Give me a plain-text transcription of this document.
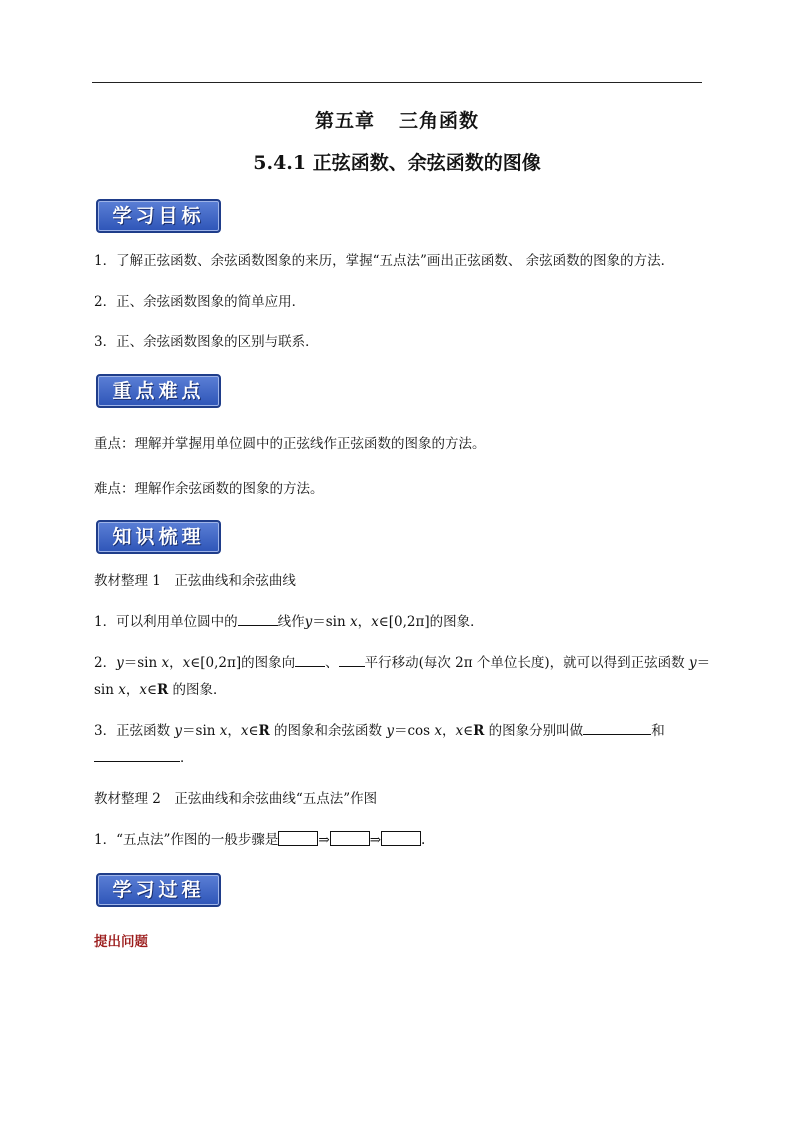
第五章 三角函数
5.4.1 正弦函数、余弦函数的图像
学习目标
1．了解正弦函数、余弦函数图象的来历，掌握“五点法”画出正弦函数、 余弦函数的图象的方法．
2．正、余弦函数图象的简单应用．
3．正、余弦函数图象的区别与联系．
重点难点
重点：理解并掌握用单位圆中的正弦线作正弦函数的图象的方法。
难点：理解作余弦函数的图象的方法。
知识梳理
教材整理 1　正弦曲线和余弦曲线
1．可以利用单位圆中的	线作y＝sin x，x∈[0,2π]的图象．
2．y＝sin x，x∈[0,2π]的图象向 、 平行移动(每次 2π 个单位长度)，就可以得到正弦函数 y＝
sin x，x∈R 的图象．
3．正弦函数 y＝sin x，x∈R 的图象和余弦函数 y＝cos x，x∈R 的图象分别叫做	和
．
教材整理 2　正弦曲线和余弦曲线“五点法”作图
1．“五点法”作图的一般步骤是	⇒	⇒	.
学习过程
提出问题
